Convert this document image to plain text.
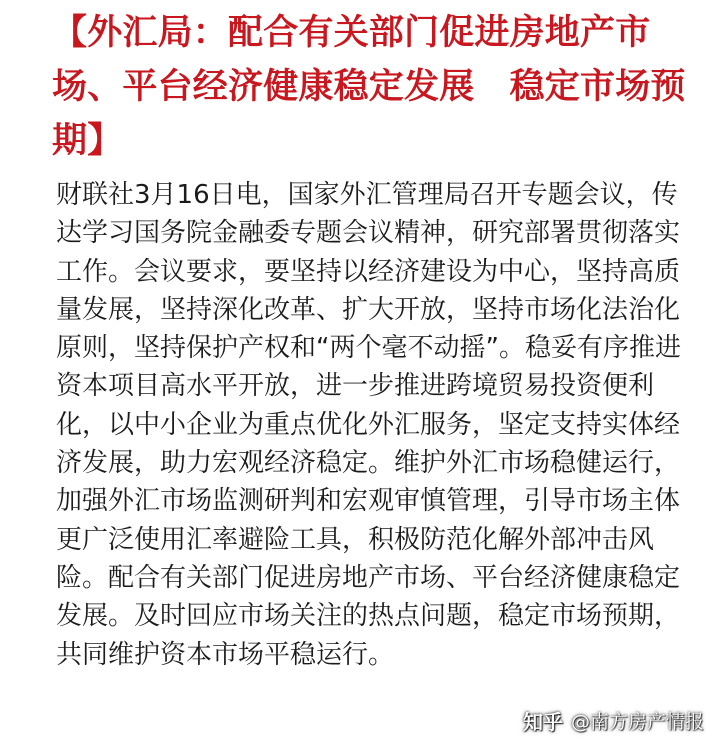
【外汇局：配合有关部门促进房地产市场、平台经济健康稳定发展　稳定市场预期】

财联社3月16日电，国家外汇管理局召开专题会议，传达学习国务院金融委专题会议精神，研究部署贯彻落实工作。会议要求，要坚持以经济建设为中心，坚持高质量发展，坚持深化改革、扩大开放，坚持市场化法治化原则，坚持保护产权和“两个毫不动摇”。稳妥有序推进资本项目高水平开放，进一步推进跨境贸易投资便利化，以中小企业为重点优化外汇服务，坚定支持实体经济发展，助力宏观经济稳定。维护外汇市场稳健运行，加强外汇市场监测研判和宏观审慎管理，引导市场主体更广泛使用汇率避险工具，积极防范化解外部冲击风险。配合有关部门促进房地产市场、平台经济健康稳定发展。及时回应市场关注的热点问题，稳定市场预期，共同维护资本市场平稳运行。

知乎 @南方房产情报
